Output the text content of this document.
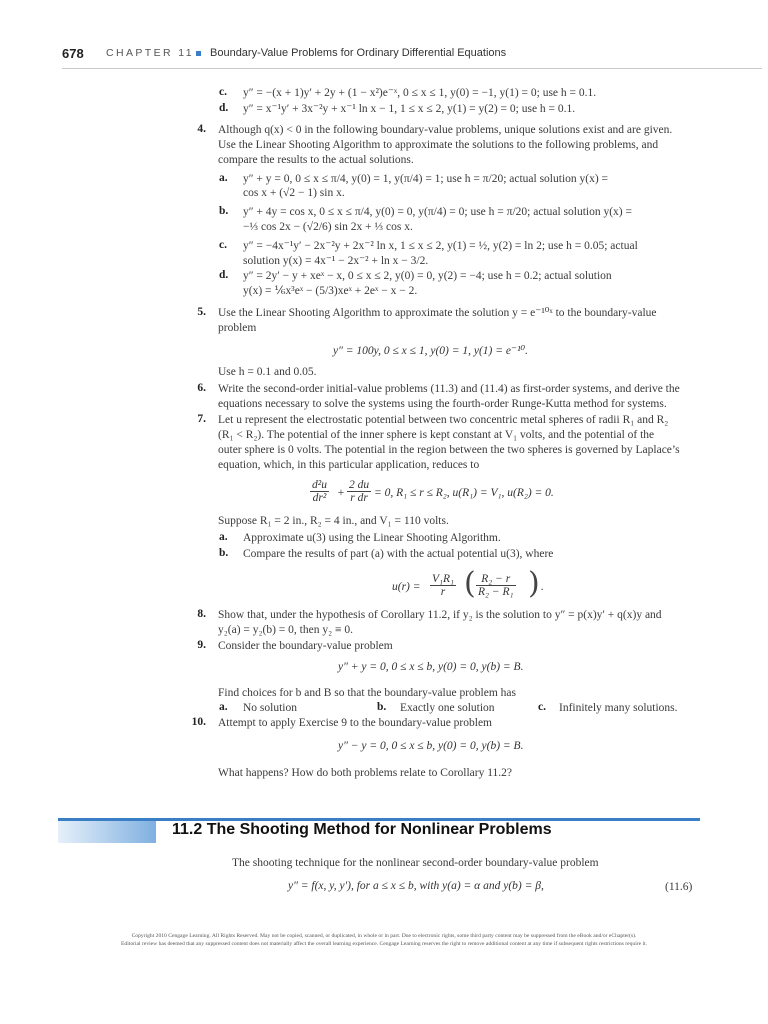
678 CHAPTER 11 Boundary-Value Problems for Ordinary Differential Equations
c. y″ = −(x + 1)y′ + 2y + (1 − x²)e⁻ˣ, 0 ≤ x ≤ 1, y(0) = −1, y(1) = 0; use h = 0.1.
d. y″ = x⁻¹y′ + 3x⁻²y + x⁻¹ ln x − 1, 1 ≤ x ≤ 2, y(1) = y(2) = 0; use h = 0.1.
4. Although q(x) < 0 in the following boundary-value problems, unique solutions exist and are given.
Use the Linear Shooting Algorithm to approximate the solutions to the following problems, and
compare the results to the actual solutions.
a. y″ + y = 0, 0 ≤ x ≤ π/4, y(0) = 1, y(π/4) = 1; use h = π/20; actual solution y(x) =
cos x + (√2 − 1) sin x.
b. y″ + 4y = cos x, 0 ≤ x ≤ π/4, y(0) = 0, y(π/4) = 0; use h = π/20; actual solution y(x) =
−⅓ cos 2x − (√2/6) sin 2x + ⅓ cos x.
c. y″ = −4x⁻¹y′ − 2x⁻²y + 2x⁻² ln x, 1 ≤ x ≤ 2, y(1) = ½, y(2) = ln 2; use h = 0.05; actual
solution y(x) = 4x⁻¹ − 2x⁻² + ln x − 3/2.
d. y″ = 2y′ − y + xeˣ − x, 0 ≤ x ≤ 2, y(0) = 0, y(2) = −4; use h = 0.2; actual solution
y(x) = ⅙x³eˣ − (5/3)xeˣ + 2eˣ − x − 2.
5. Use the Linear Shooting Algorithm to approximate the solution y = e⁻¹⁰ˣ to the boundary-value
problem
y″ = 100y, 0 ≤ x ≤ 1, y(0) = 1, y(1) = e⁻¹⁰.
Use h = 0.1 and 0.05.
6. Write the second-order initial-value problems (11.3) and (11.4) as first-order systems, and derive the
equations necessary to solve the systems using the fourth-order Runge-Kutta method for systems.
7. Let u represent the electrostatic potential between two concentric metal spheres of radii R₁ and R₂
(R₁ < R₂). The potential of the inner sphere is kept constant at V₁ volts, and the potential of the
outer sphere is 0 volts. The potential in the region between the two spheres is governed by Laplace’s
equation, which, in this particular application, reduces to
$\frac{\text{d²u}}{\text{dr²}} + \frac{2 du}{\text{r dr}} = 0$, R₁ ≤ r ≤ R₂, u(R₁) = V₁, u(R₂) = 0.
Suppose R₁ = 2 in., R₂ = 4 in., and V₁ = 110 volts.
a. Approximate u(3) using the Linear Shooting Algorithm.
b. Compare the results of part (a) with the actual potential u(3), where
$u(r) = \frac{\text{V₁R₁}}{r}$ ( $\frac{\text{R₂ − r}}{\text{R₂ − R₁}}$ ) .
8. Show that, under the hypothesis of Corollary 11.2, if y₂ is the solution to y″ = p(x)y′ + q(x)y and
y₂(a) = y₂(b) = 0, then y₂ ≡ 0.
9. Consider the boundary-value problem
y″ + y = 0, 0 ≤ x ≤ b, y(0) = 0, y(b) = B.
Find choices for b and B so that the boundary-value problem has
a. No solution	b. Exactly one solution	c. Infinitely many solutions.
10. Attempt to apply Exercise 9 to the boundary-value problem
y″ − y = 0, 0 ≤ x ≤ b, y(0) = 0, y(b) = B.
What happens? How do both problems relate to Corollary 11.2?
11.2 The Shooting Method for Nonlinear Problems
The shooting technique for the nonlinear second-order boundary-value problem
y″ = f(x, y, y′), for a ≤ x ≤ b, with y(a) = α and y(b) = β,	(11.6)
Copyright 2010 Cengage Learning. All Rights Reserved. May not be copied, scanned, or duplicated, in whole or in part. Due to electronic rights, some third party content may be suppressed from the eBook and/or eChapter(s).
Editorial review has deemed that any suppressed content does not materially affect the overall learning experience. Cengage Learning reserves the right to remove additional content at any time if subsequent rights restrictions require it.
